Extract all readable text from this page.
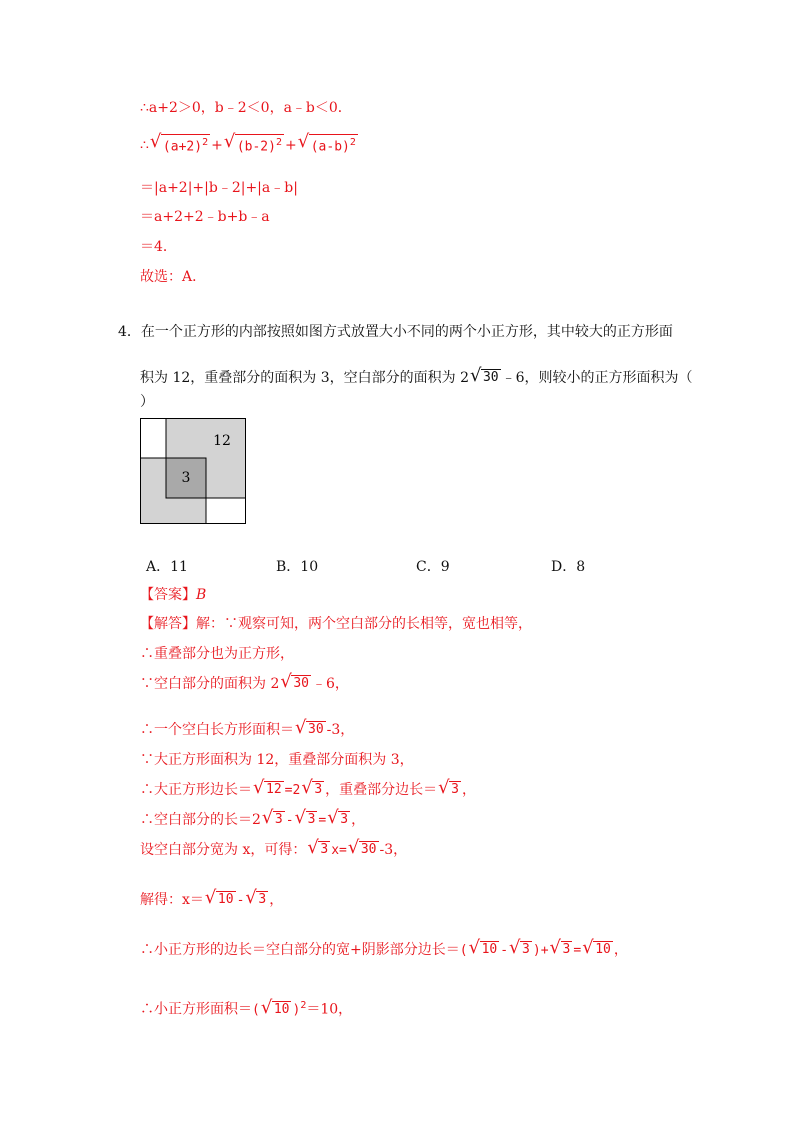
∴a+2＞0，b﹣2＜0，a﹣b＜0．
∴ √ $(a+2)^2$ + √ $(b-2)^2$ + √ $(a-b)^2$
＝|a+2|+|b﹣2|+|a﹣b|
＝a+2+2﹣b+b﹣a
＝4．
故选：A．
4．在一个正方形的内部按照如图方式放置大小不同的两个小正方形，其中较大的正方形面
积为 12，重叠部分的面积为 3，空白部分的面积为 2 √ 30 ﹣6，则较小的正方形面积为（
）
12
3
A．11	B．10	C．9	D．8
【答案】B
【解答】解：∵观察可知，两个空白部分的长相等，宽也相等，
∴重叠部分也为正方形，
∵空白部分的面积为 2 √ 30 ﹣6，
∴一个空白长方形面积＝ √ 30 -3，
∵大正方形面积为 12，重叠部分面积为 3，
∴大正方形边长＝ √ 12 =2 √ 3 ，重叠部分边长＝ √ 3 ，
∴空白部分的长＝2 √ 3 - √ 3 = √ 3 ，
设空白部分宽为 x，可得： √ 3 x= √ 30 -3，
解得：x＝ √ 10 - √ 3 ，
∴小正方形的边长＝空白部分的宽+阴影部分边长＝( √ 10 - √ 3 )+ √ 3 = √ 10 ，
∴小正方形面积＝( √ 10 )$^2$＝10，
